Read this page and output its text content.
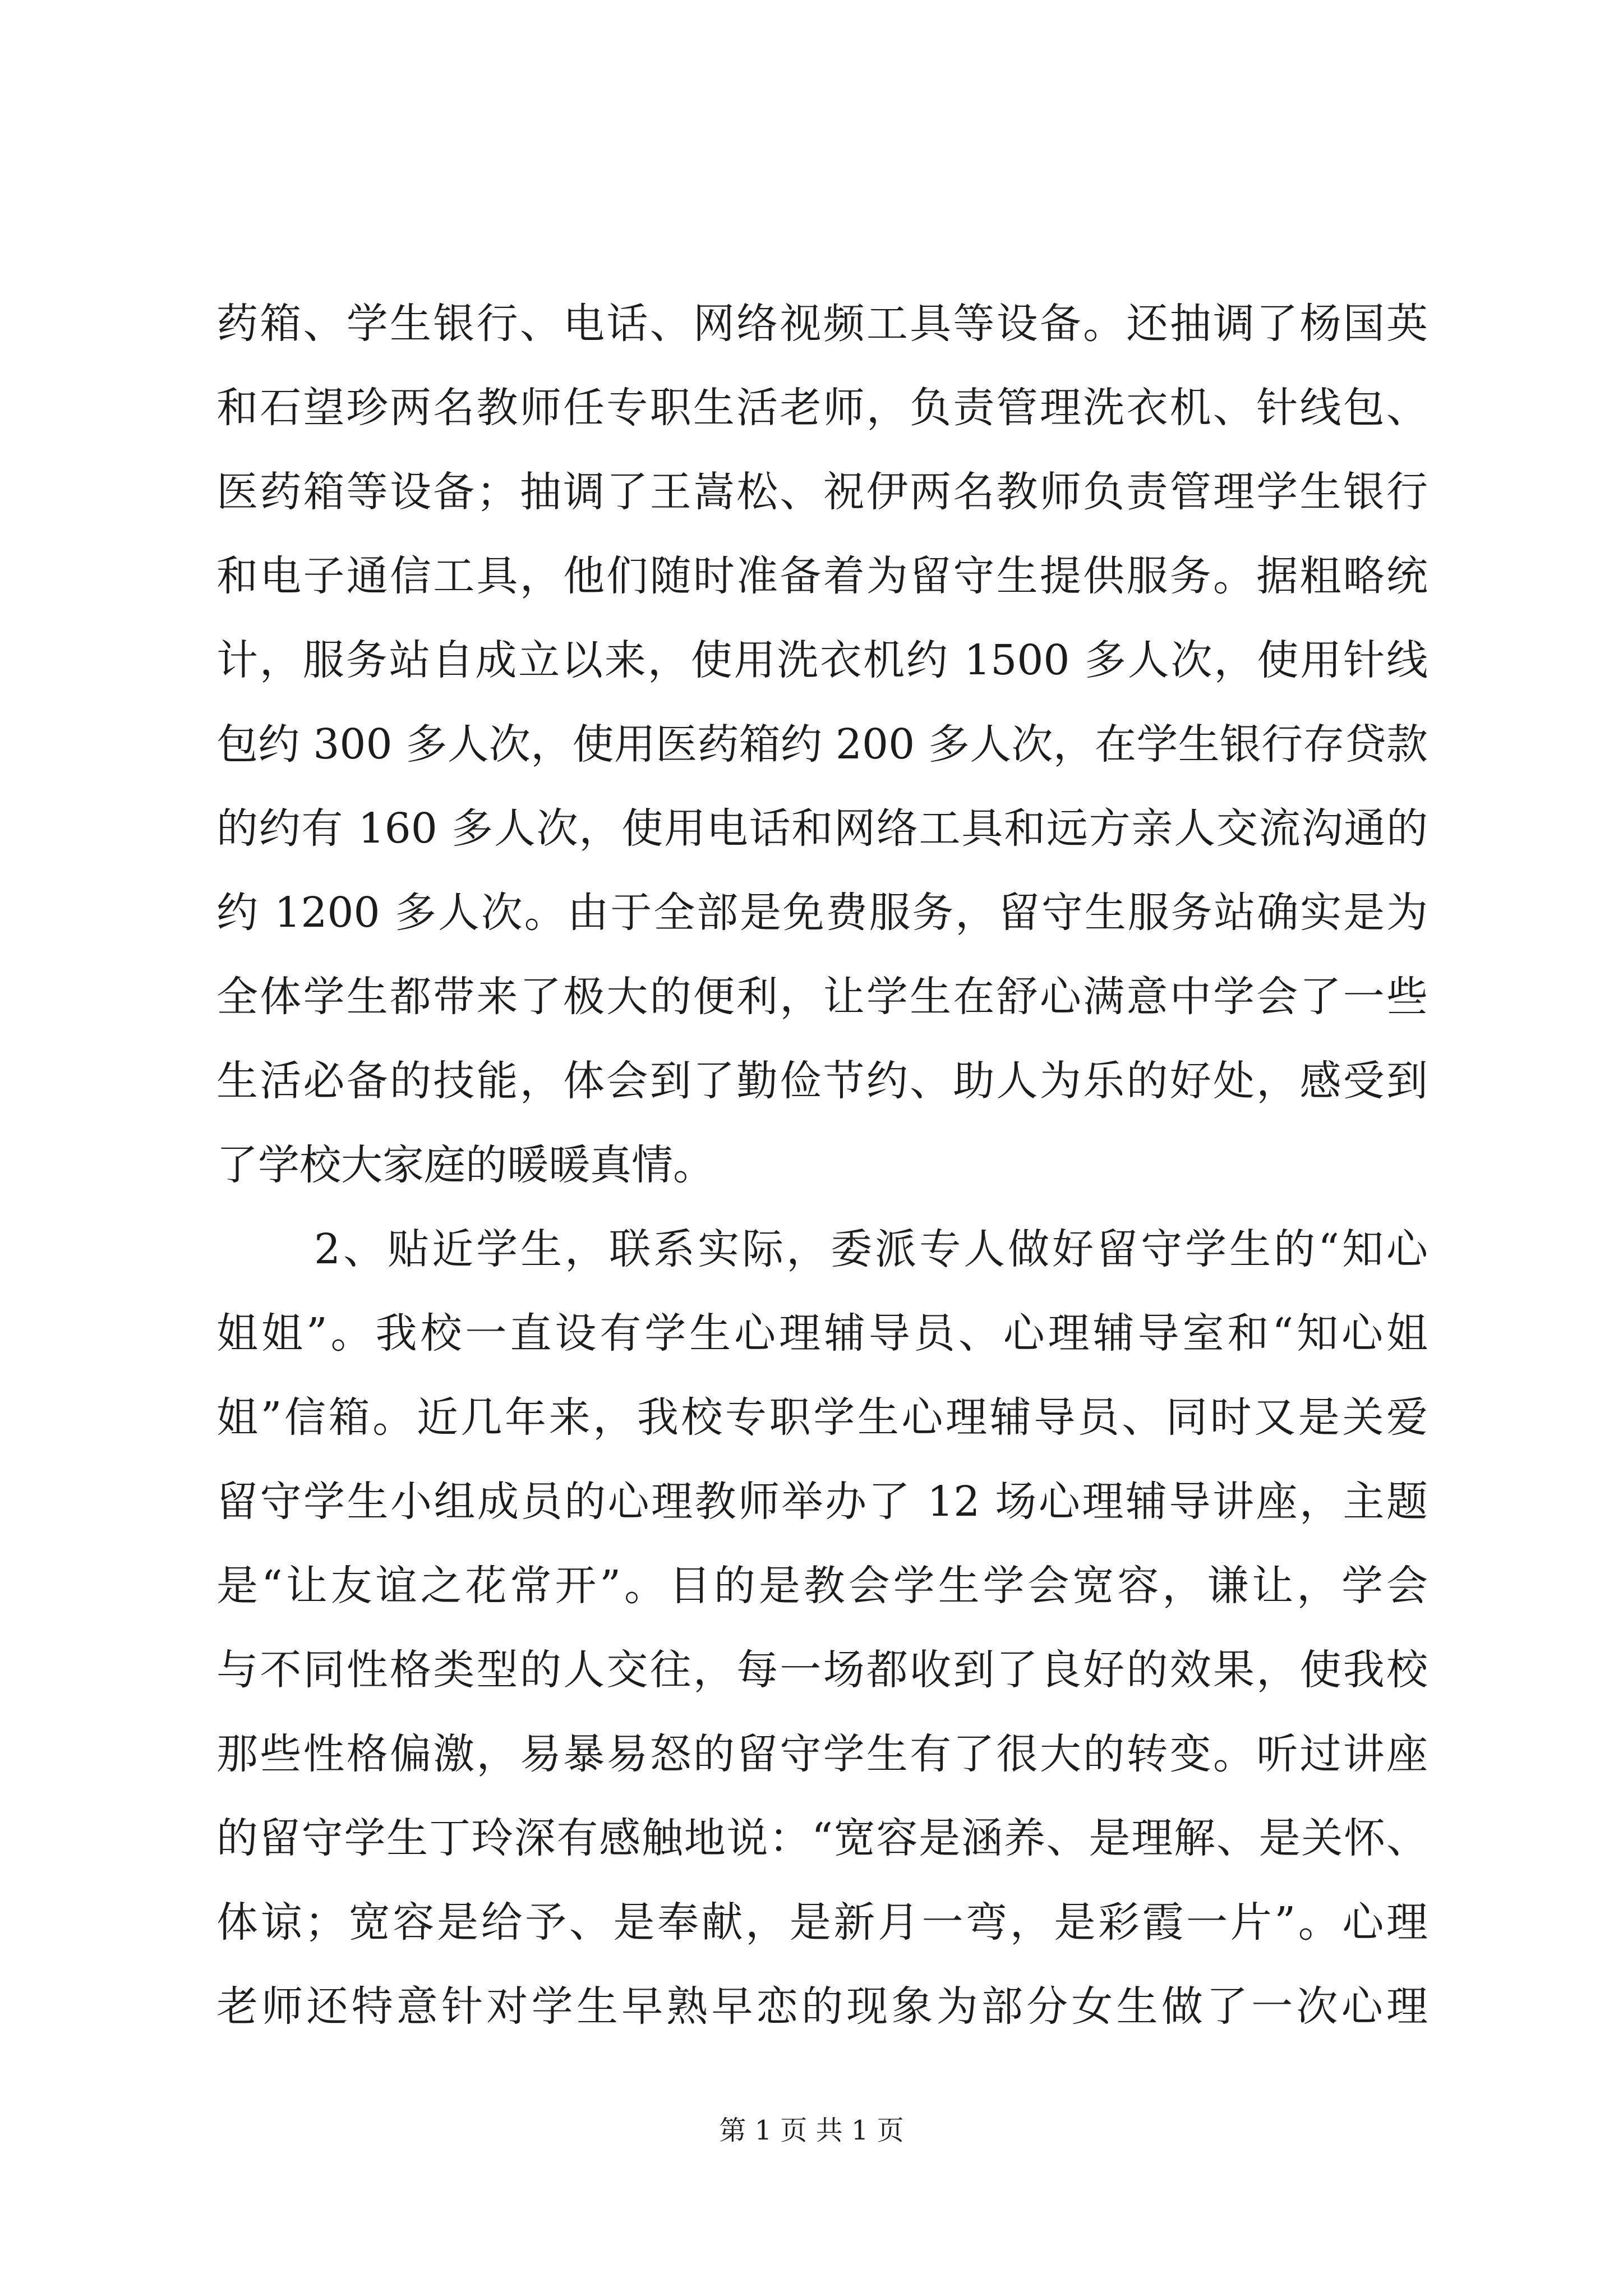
药箱、学生银行、电话、网络视频工具等设备。还抽调了杨国英
和石望珍两名教师任专职生活老师，负责管理洗衣机、针线包、
医药箱等设备；抽调了王嵩松、祝伊两名教师负责管理学生银行
和电子通信工具，他们随时准备着为留守生提供服务。据粗略统
计，服务站自成立以来，使用洗衣机约 1500 多人次，使用针线
包约 300 多人次，使用医药箱约 200 多人次，在学生银行存贷款
的约有 160 多人次，使用电话和网络工具和远方亲人交流沟通的
约 1200 多人次。由于全部是免费服务，留守生服务站确实是为
全体学生都带来了极大的便利，让学生在舒心满意中学会了一些
生活必备的技能，体会到了勤俭节约、助人为乐的好处，感受到
了学校大家庭的暖暖真情。
2、贴近学生，联系实际，委派专人做好留守学生的“知心
姐姐”。我校一直设有学生心理辅导员、心理辅导室和“知心姐
姐”信箱。近几年来，我校专职学生心理辅导员、同时又是关爱
留守学生小组成员的心理教师举办了 12 场心理辅导讲座，主题
是“让友谊之花常开”。目的是教会学生学会宽容，谦让，学会
与不同性格类型的人交往，每一场都收到了良好的效果，使我校
那些性格偏激，易暴易怒的留守学生有了很大的转变。听过讲座
的留守学生丁玲深有感触地说：“宽容是涵养、是理解、是关怀、
体谅；宽容是给予、是奉献，是新月一弯，是彩霞一片”。心理
老师还特意针对学生早熟早恋的现象为部分女生做了一次心理
第 1 页 共 1 页
